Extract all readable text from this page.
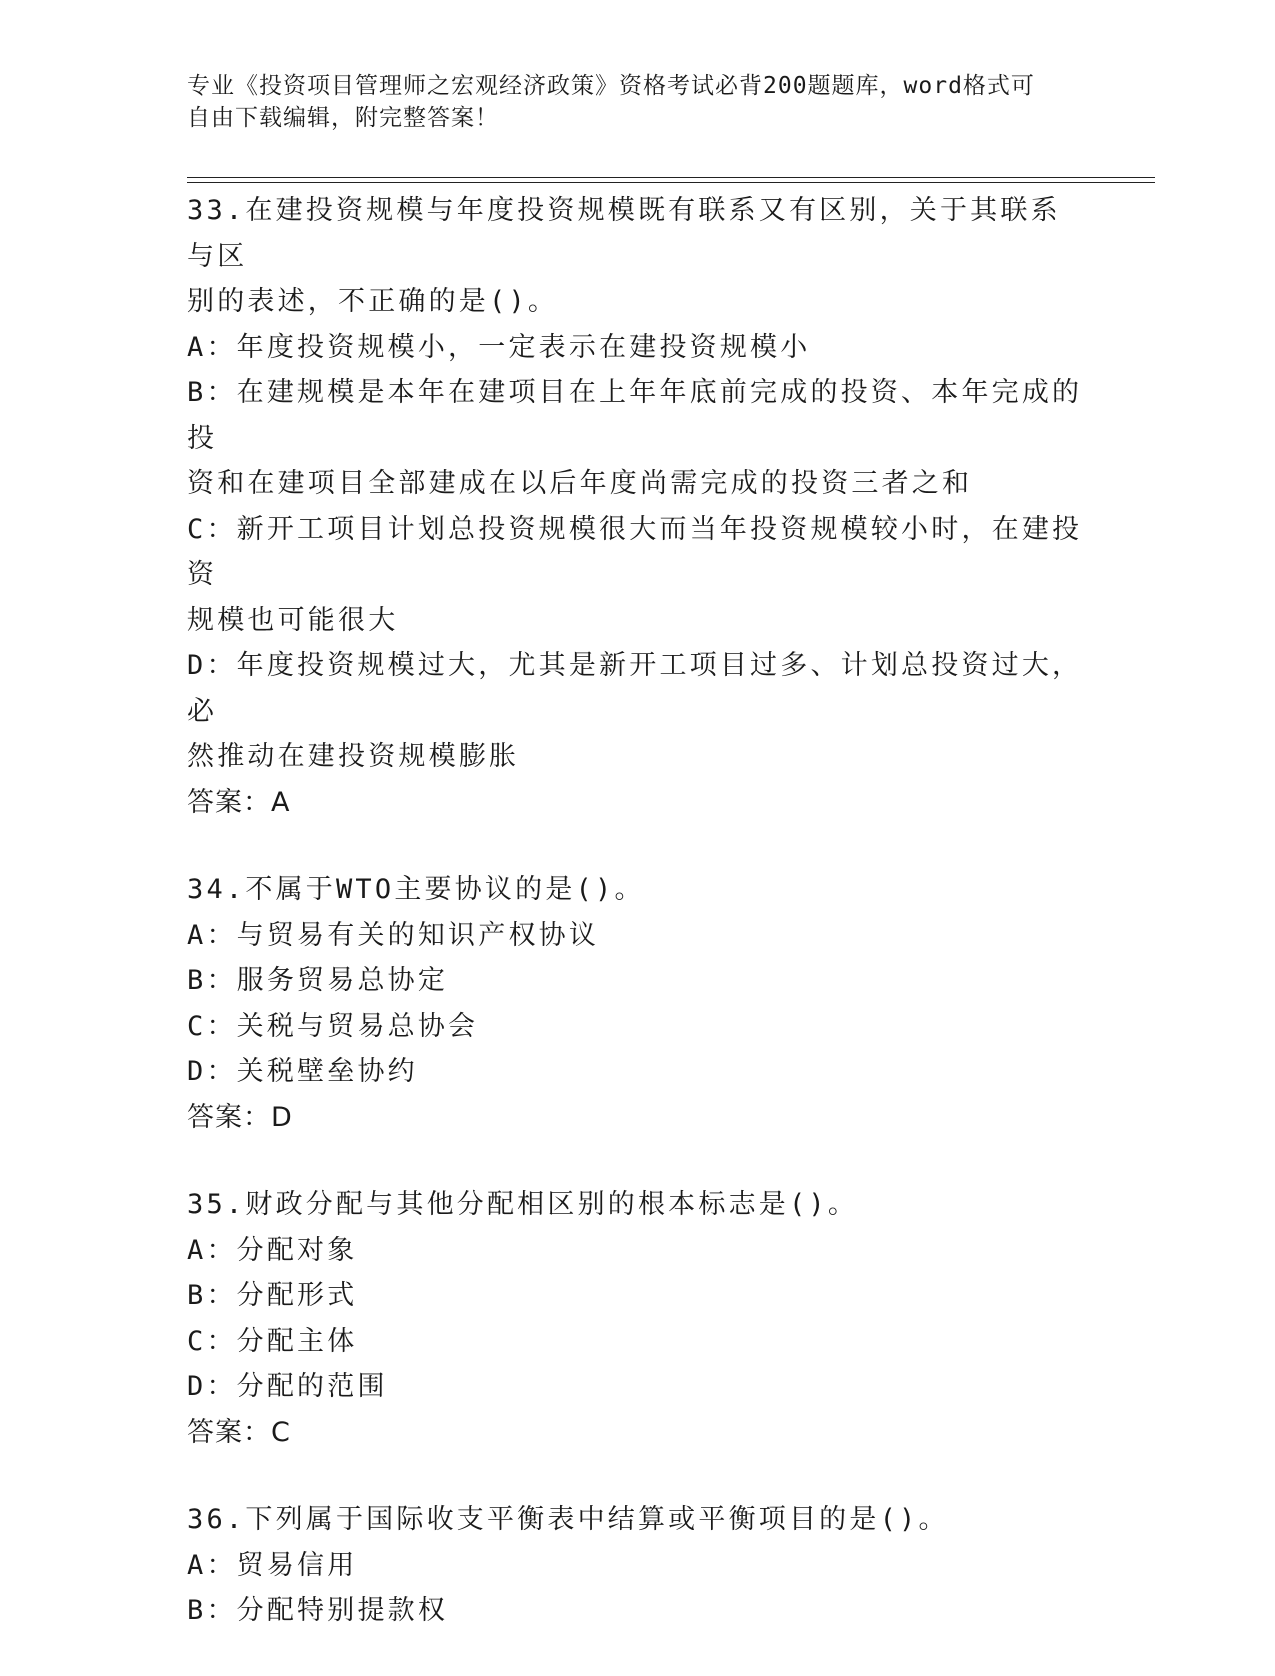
专业《投资项目管理师之宏观经济政策》资格考试必背200题题库，word格式可
自由下载编辑，附完整答案！
33.在建投资规模与年度投资规模既有联系又有区别，关于其联系与区
别的表述，不正确的是()。
A：年度投资规模小，一定表示在建投资规模小
B：在建规模是本年在建项目在上年年底前完成的投资、本年完成的投
资和在建项目全部建成在以后年度尚需完成的投资三者之和
C：新开工项目计划总投资规模很大而当年投资规模较小时，在建投资
规模也可能很大
D：年度投资规模过大，尤其是新开工项目过多、计划总投资过大，必
然推动在建投资规模膨胀
答案：A
34.不属于WTO主要协议的是()。
A：与贸易有关的知识产权协议
B：服务贸易总协定
C：关税与贸易总协会
D：关税壁垒协约
答案：D
35.财政分配与其他分配相区别的根本标志是()。
A：分配对象
B：分配形式
C：分配主体
D：分配的范围
答案：C
36.下列属于国际收支平衡表中结算或平衡项目的是()。
A：贸易信用
B：分配特别提款权
